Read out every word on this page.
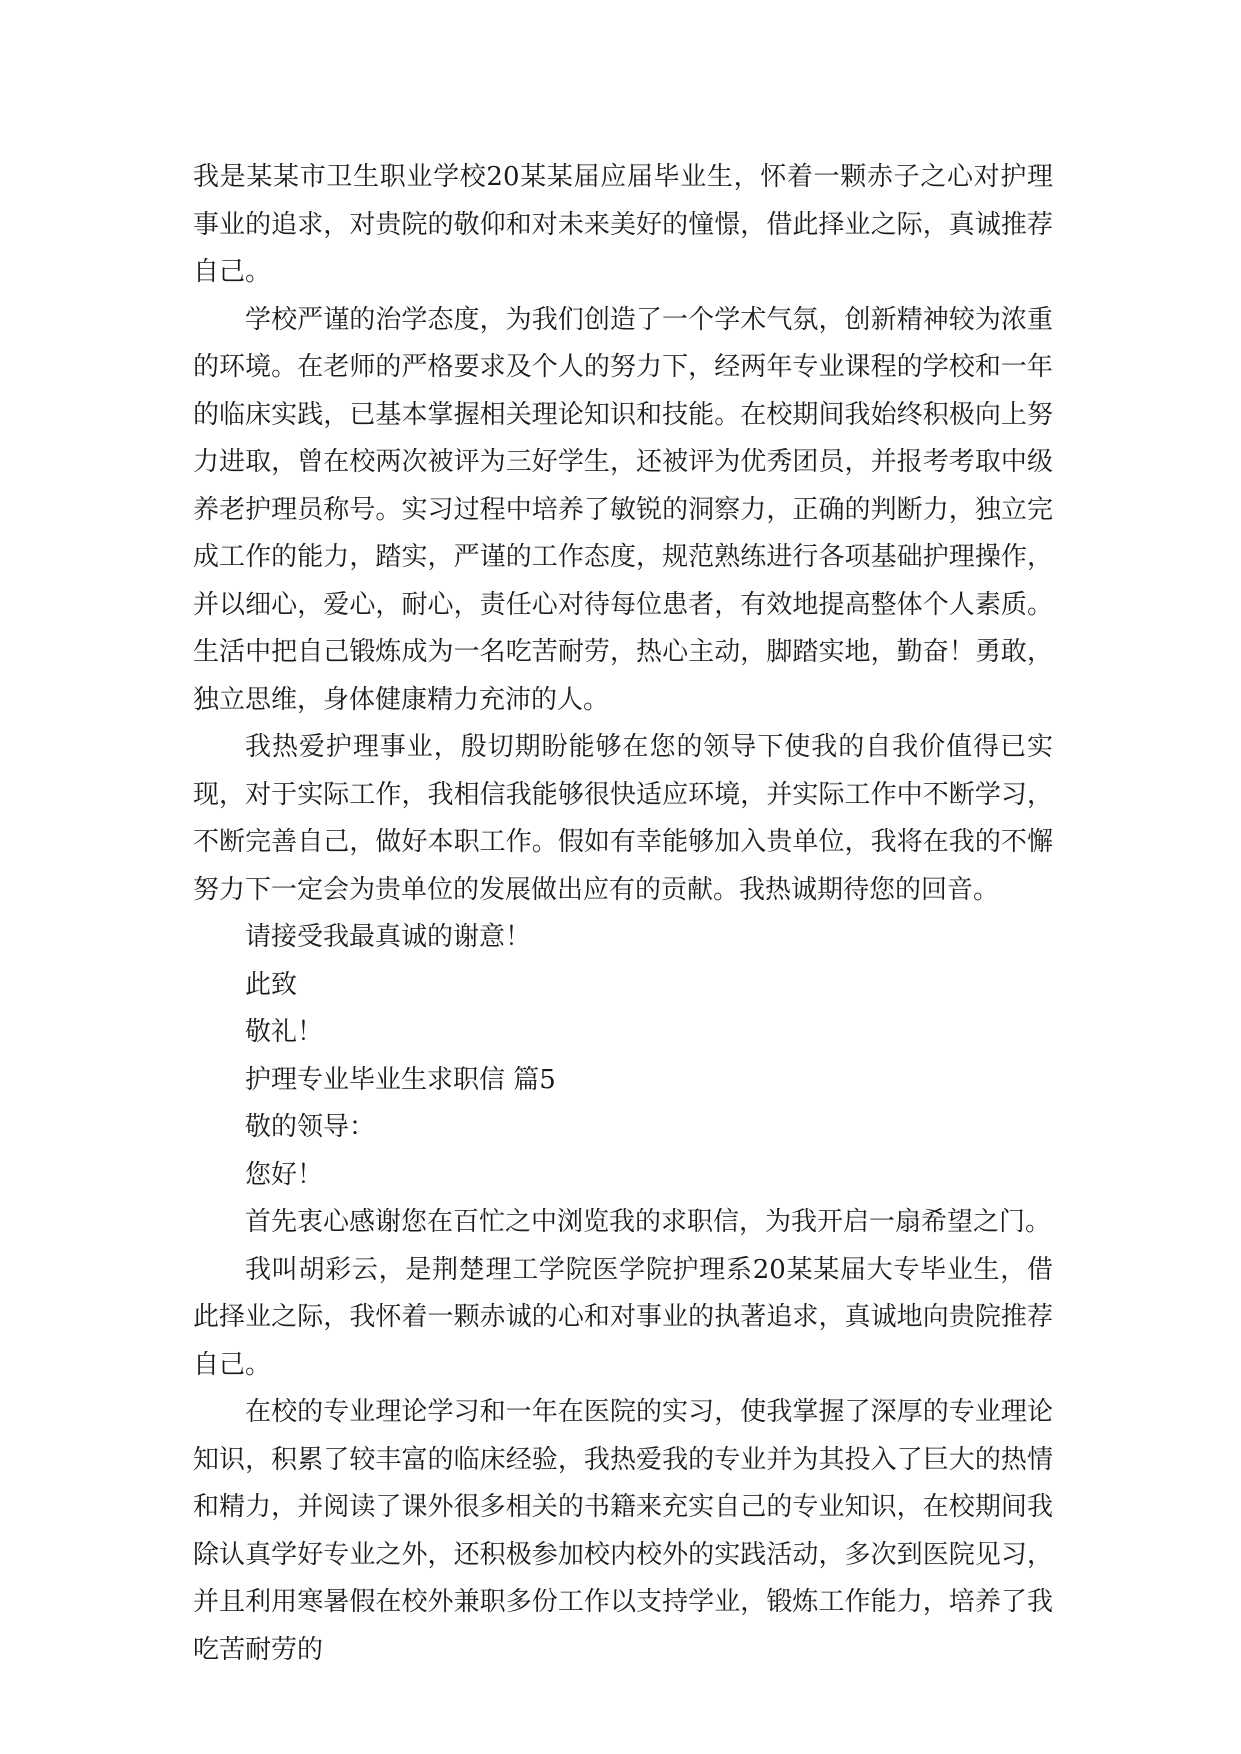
我是某某市卫生职业学校20某某届应届毕业生，怀着一颗赤子之心对护理事业的追求，对贵院的敬仰和对未来美好的憧憬，借此择业之际，真诚推荐自己。

学校严谨的治学态度，为我们创造了一个学术气氛，创新精神较为浓重的环境。在老师的严格要求及个人的努力下，经两年专业课程的学校和一年的临床实践，已基本掌握相关理论知识和技能。在校期间我始终积极向上努力进取，曾在校两次被评为三好学生，还被评为优秀团员，并报考考取中级养老护理员称号。实习过程中培养了敏锐的洞察力，正确的判断力，独立完成工作的能力，踏实，严谨的工作态度，规范熟练进行各项基础护理操作，并以细心，爱心，耐心，责任心对待每位患者，有效地提高整体个人素质。生活中把自己锻炼成为一名吃苦耐劳，热心主动，脚踏实地，勤奋！勇敢，独立思维，身体健康精力充沛的人。

我热爱护理事业，殷切期盼能够在您的领导下使我的自我价值得已实现，对于实际工作，我相信我能够很快适应环境，并实际工作中不断学习，不断完善自己，做好本职工作。假如有幸能够加入贵单位，我将在我的不懈努力下一定会为贵单位的发展做出应有的贡献。我热诚期待您的回音。

请接受我最真诚的谢意！

此致

敬礼！

护理专业毕业生求职信 篇5

敬的领导：

您好！

首先衷心感谢您在百忙之中浏览我的求职信，为我开启一扇希望之门。

我叫胡彩云，是荆楚理工学院医学院护理系20某某届大专毕业生，借此择业之际，我怀着一颗赤诚的心和对事业的执著追求，真诚地向贵院推荐自己。

在校的专业理论学习和一年在医院的实习，使我掌握了深厚的专业理论知识，积累了较丰富的临床经验，我热爱我的专业并为其投入了巨大的热情和精力，并阅读了课外很多相关的书籍来充实自己的专业知识，在校期间我除认真学好专业之外，还积极参加校内校外的实践活动，多次到医院见习，并且利用寒暑假在校外兼职多份工作以支持学业，锻炼工作能力，培养了我吃苦耐劳的
